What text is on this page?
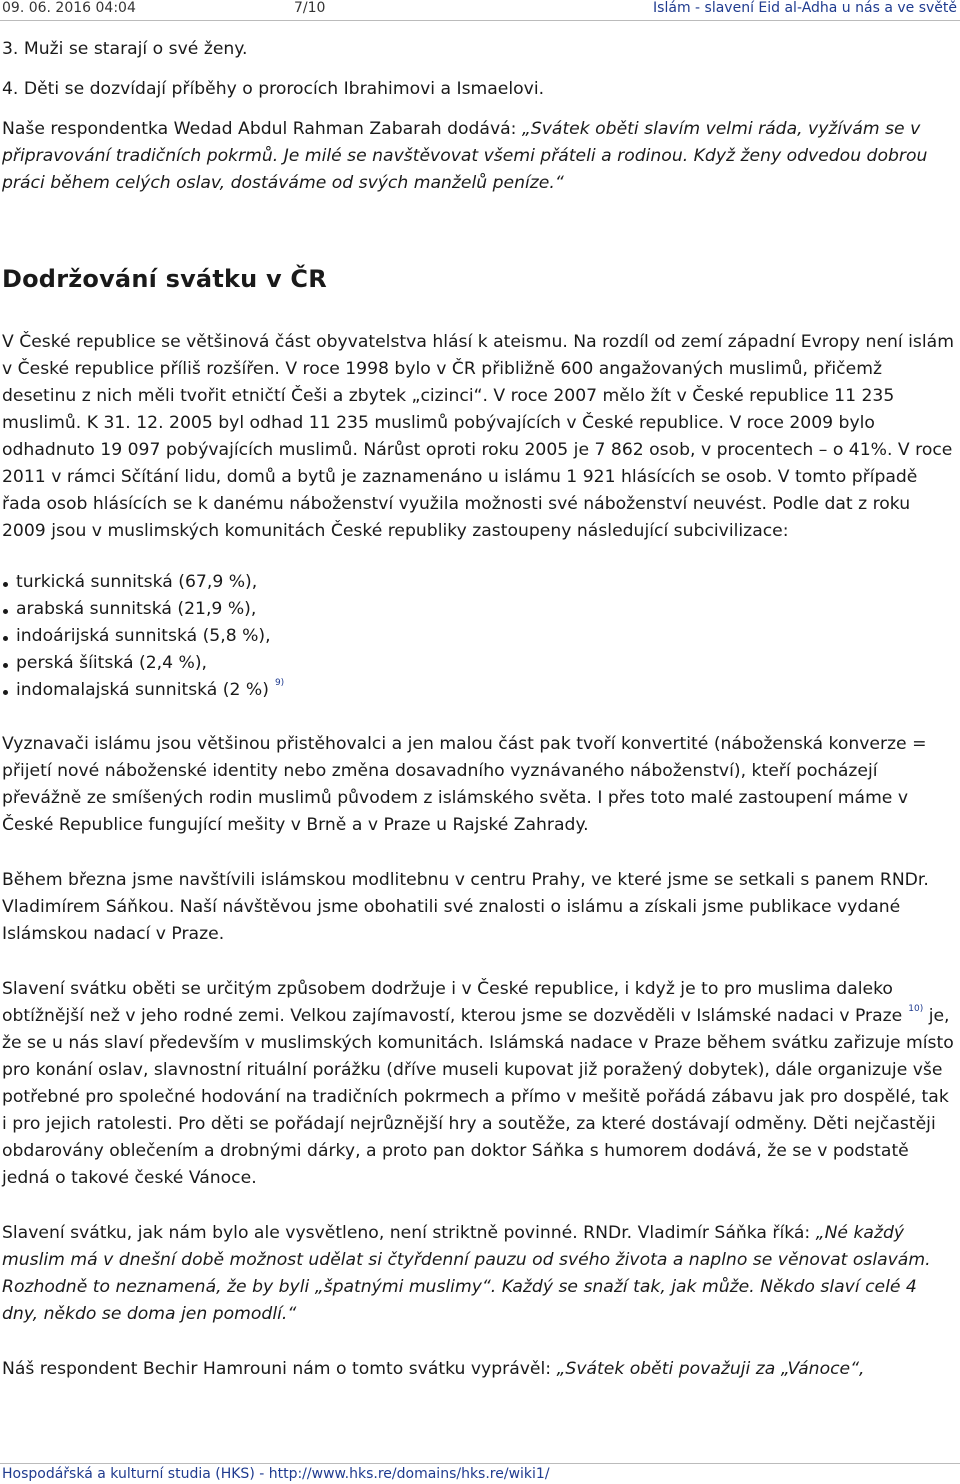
09. 06. 2016 04:04	7/10	Islám - slavení Eid al-Adha u nás a ve světě

3. Muži se starají o své ženy.

4. Děti se dozvídají příběhy o prorocích Ibrahimovi a Ismaelovi.

Naše respondentka Wedad Abdul Rahman Zabarah dodává: „Svátek oběti slavím velmi ráda, vyžívám se v připravování tradičních pokrmů. Je milé se navštěvovat všemi přáteli a rodinou. Když ženy odvedou dobrou práci během celých oslav, dostáváme od svých manželů peníze.“

Dodržování svátku v ČR

V České republice se většinová část obyvatelstva hlásí k ateismu. Na rozdíl od zemí západní Evropy není islám v České republice příliš rozšířen. V roce 1998 bylo v ČR přibližně 600 angažovaných muslimů, přičemž desetinu z nich měli tvořit etničtí Češi a zbytek „cizinci“. V roce 2007 mělo žít v České republice 11 235 muslimů. K 31. 12. 2005 byl odhad 11 235 muslimů pobývajících v České republice. V roce 2009 bylo odhadnuto 19 097 pobývajících muslimů. Nárůst oproti roku 2005 je 7 862 osob, v procentech – o 41%. V roce 2011 v rámci Sčítání lidu, domů a bytů je zaznamenáno u islámu 1 921 hlásících se osob. V tomto případě řada osob hlásících se k danému náboženství využila možnosti své náboženství neuvést. Podle dat z roku 2009 jsou v muslimských komunitách České republiky zastoupeny následující subcivilizace:

turkická sunnitská (67,9 %),
arabská sunnitská (21,9 %),
indoárijská sunnitská (5,8 %),
perská šíitská (2,4 %),
indomalajská sunnitská (2 %) $^{9)}$

Vyznavači islámu jsou většinou přistěhovalci a jen malou část pak tvoří konvertité (náboženská konverze = přijetí nové náboženské identity nebo změna dosavadního vyznávaného náboženství), kteří pocházejí převážně ze smíšených rodin muslimů původem z islámského světa. I přes toto malé zastoupení máme v České Republice fungující mešity v Brně a v Praze u Rajské Zahrady.

Během března jsme navštívili islámskou modlitebnu v centru Prahy, ve které jsme se setkali s panem RNDr. Vladimírem Sáňkou. Naší návštěvou jsme obohatili své znalosti o islámu a získali jsme publikace vydané Islámskou nadací v Praze.

Slavení svátku oběti se určitým způsobem dodržuje i v České republice, i když je to pro muslima daleko obtížnější než v jeho rodné zemi. Velkou zajímavostí, kterou jsme se dozvěděli v Islámské nadaci v Praze $^{10)}$ je, že se u nás slaví především v muslimských komunitách. Islámská nadace v Praze během svátku zařizuje místo pro konání oslav, slavnostní rituální porážku (dříve museli kupovat již poražený dobytek), dále organizuje vše potřebné pro společné hodování na tradičních pokrmech a přímo v mešitě pořádá zábavu jak pro dospělé, tak i pro jejich ratolesti. Pro děti se pořádají nejrůznější hry a soutěže, za které dostávají odměny. Děti nejčastěji obdarovány oblečením a drobnými dárky, a proto pan doktor Sáňka s humorem dodává, že se v podstatě jedná o takové české Vánoce.

Slavení svátku, jak nám bylo ale vysvětleno, není striktně povinné. RNDr. Vladimír Sáňka říká: „Né každý muslim má v dnešní době možnost udělat si čtyřdenní pauzu od svého života a naplno se věnovat oslavám. Rozhodně to neznamená, že by byli „špatnými muslimy“. Každý se snaží tak, jak může. Někdo slaví celé 4 dny, někdo se doma jen pomodlí.“

Náš respondent Bechir Hamrouni nám o tomto svátku vyprávěl: „Svátek oběti považuji za „Vánoce“,

Hospodářská a kulturní studia (HKS) - http://www.hks.re/domains/hks.re/wiki1/
